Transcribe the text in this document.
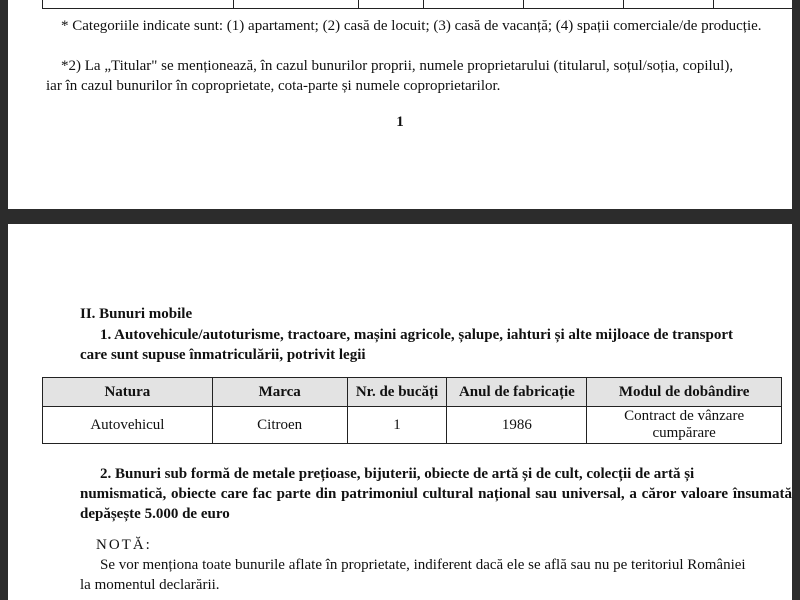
* Categoriile indicate sunt: (1) apartament; (2) casă de locuit; (3) casă de vacanță; (4) spații comerciale/de producție.
*2) La „Titular" se menționează, în cazul bunurilor proprii, numele proprietarului (titularul, soțul/soția, copilul),
iar în cazul bunurilor în coproprietate, cota-parte și numele coproprietarilor.
1
II. Bunuri mobile
1. Autovehicule/autoturisme, tractoare, mașini agricole, șalupe, iahturi și alte mijloace de transport
care sunt supuse înmatriculării, potrivit legii
Natura	Marca	Nr. de bucăți	Anul de fabricație	Modul de dobândire
Autovehicul	Citroen	1	1986	Contract de vânzare cumpărare
2. Bunuri sub formă de metale prețioase, bijuterii, obiecte de artă și de cult, colecții de artă și
numismatică, obiecte care fac parte din patrimoniul cultural național sau universal, a căror valoare însumată depășește 5.000 de euro
NOTĂ:
Se vor menționa toate bunurile aflate în proprietate, indiferent dacă ele se află sau nu pe teritoriul României
la momentul declarării.
